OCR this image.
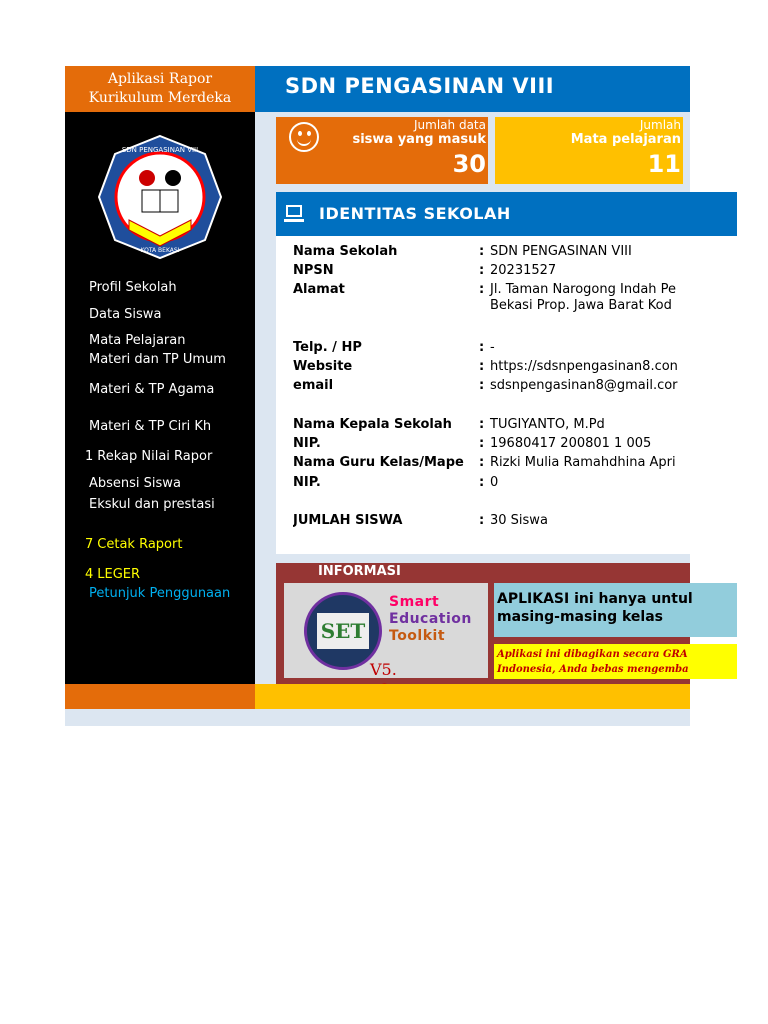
Aplikasi Rapor
Kurikulum Merdeka
SDN PENGASINAN VIII
KOTA BEKASI
Profil Sekolah
Data Siswa
Mata Pelajaran
Materi dan TP Umum
Materi & TP Agama
Materi & TP Ciri Kh
1 Rekap Nilai Rapor
Absensi Siswa
Ekskul dan prestasi
7 Cetak Raport
4 LEGER
Petunjuk Penggunaan
SDN PENGASINAN VIII
Jumlah data
siswa yang masuk
30
Jumlah
Mata pelajaran
11
IDENTITAS SEKOLAH
Nama Sekolah	: SDN PENGASINAN VIII
NPSN	: 20231527
Alamat	: Jl. Taman Narogong Indah Pe
Bekasi Prop. Jawa Barat Kod
Telp. / HP	: -
Website	: https://sdsnpengasinan8.con
email	: sdsnpengasinan8@gmail.cor
Nama Kepala Sekolah	: TUGIYANTO, M.Pd
NIP.	: 19680417 200801 1 005
Nama Guru Kelas/Mape	: Rizki Mulia Ramahdhina Apri
NIP.	: 0
JUMLAH SISWA	: 30 Siswa
INFORMASI
SET
Smart
Education
Toolkit
V5.
APLIKASI ini hanya untul
masing-masing kelas
Aplikasi ini dibagikan secara GRA
Indonesia, Anda bebas mengemba
